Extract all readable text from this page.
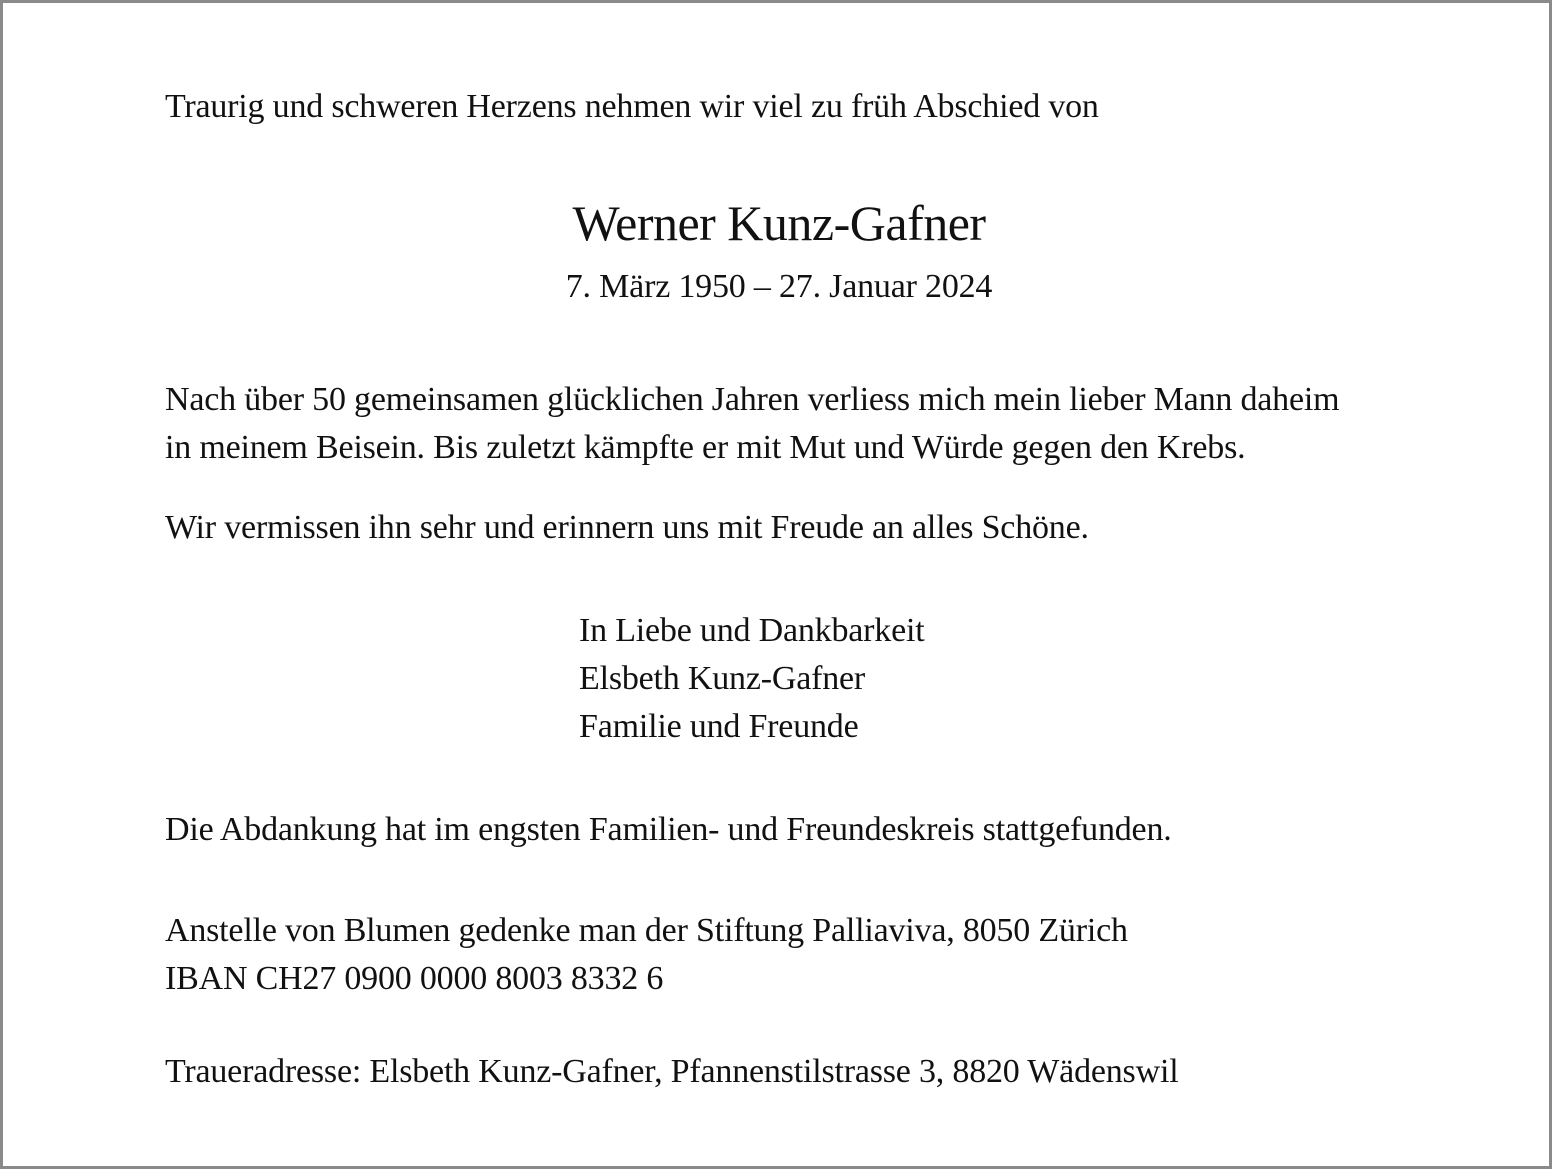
Traurig und schweren Herzens nehmen wir viel zu früh Abschied von
Werner Kunz-Gafner
7. März 1950 – 27. Januar 2024
Nach über 50 gemeinsamen glücklichen Jahren verliess mich mein lieber Mann daheim
in meinem Beisein. Bis zuletzt kämpfte er mit Mut und Würde gegen den Krebs.
Wir vermissen ihn sehr und erinnern uns mit Freude an alles Schöne.
In Liebe und Dankbarkeit
Elsbeth Kunz-Gafner
Familie und Freunde
Die Abdankung hat im engsten Familien- und Freundeskreis stattgefunden.
Anstelle von Blumen gedenke man der Stiftung Palliaviva, 8050 Zürich
IBAN CH27 0900 0000 8003 8332 6
Traueradresse: Elsbeth Kunz-Gafner, Pfannenstilstrasse 3, 8820 Wädenswil
